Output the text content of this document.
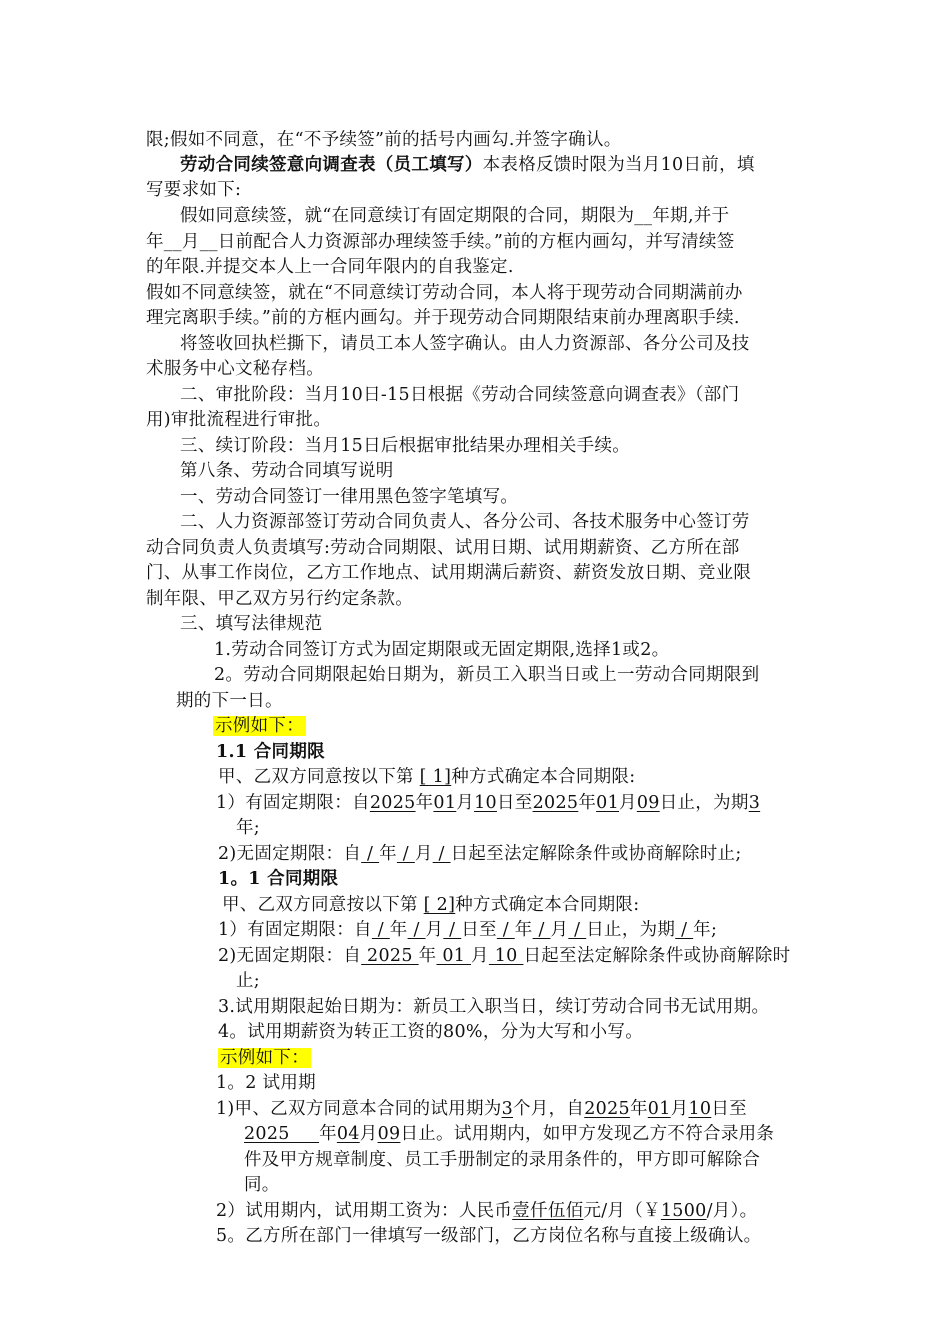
限;假如不同意，在“不予续签”前的括号内画勾.并签字确认。
劳动合同续签意向调查表（员工填写）本表格反馈时限为当月10日前，填
写要求如下:
假如同意续签，就“在同意续订有固定期限的合同，期限为__年期,并于
年__月__日前配合人力资源部办理续签手续。”前的方框内画勾，并写清续签
的年限.并提交本人上一合同年限内的自我鉴定.
假如不同意续签，就在“不同意续订劳动合同，本人将于现劳动合同期满前办
理完离职手续。”前的方框内画勾。并于现劳动合同期限结束前办理离职手续.
将签收回执栏撕下，请员工本人签字确认。由人力资源部、各分公司及技
术服务中心文秘存档。
二、审批阶段：当月10日-15日根据《劳动合同续签意向调查表》（部门
用)审批流程进行审批。
三、续订阶段：当月15日后根据审批结果办理相关手续。
第八条、劳动合同填写说明
一、劳动合同签订一律用黑色签字笔填写。
二、人力资源部签订劳动合同负责人、各分公司、各技术服务中心签订劳
动合同负责人负责填写:劳动合同期限、试用日期、试用期薪资、乙方所在部
门、从事工作岗位，乙方工作地点、试用期满后薪资、薪资发放日期、竞业限
制年限、甲乙双方另行约定条款。
三、填写法律规范
1.劳动合同签订方式为固定期限或无固定期限,选择1或2。
2。劳动合同期限起始日期为，新员工入职当日或上一劳动合同期限到
期的下一日。
示例如下：
1.1 合同期限
甲、乙双方同意按以下第 [ 1]种方式确定本合同期限:
1）有固定期限：自2025年01月10日至2025年01月09日止，为期3
年;
2)无固定期限：自 / 年 / 月 / 日起至法定解除条件或协商解除时止;
1。1 合同期限
甲、乙双方同意按以下第 [ 2]种方式确定本合同期限:
1）有固定期限：自 / 年 / 月 / 日至 / 年 / 月 / 日止，为期 / 年;
2)无固定期限：自 2025 年 01 月 10 日起至法定解除条件或协商解除时
止;
3.试用期限起始日期为：新员工入职当日，续订劳动合同书无试用期。
4。试用期薪资为转正工资的80%，分为大写和小写。
示例如下：
1。2 试用期
1)甲、乙双方同意本合同的试用期为3个月，自2025年01月10日至
2025     年04月09日止。试用期内，如甲方发现乙方不符合录用条
件及甲方规章制度、员工手册制定的录用条件的，甲方即可解除合
同。
2）试用期内，试用期工资为：人民币壹仟伍佰元/月（￥1500/月）。
5。乙方所在部门一律填写一级部门，乙方岗位名称与直接上级确认。
